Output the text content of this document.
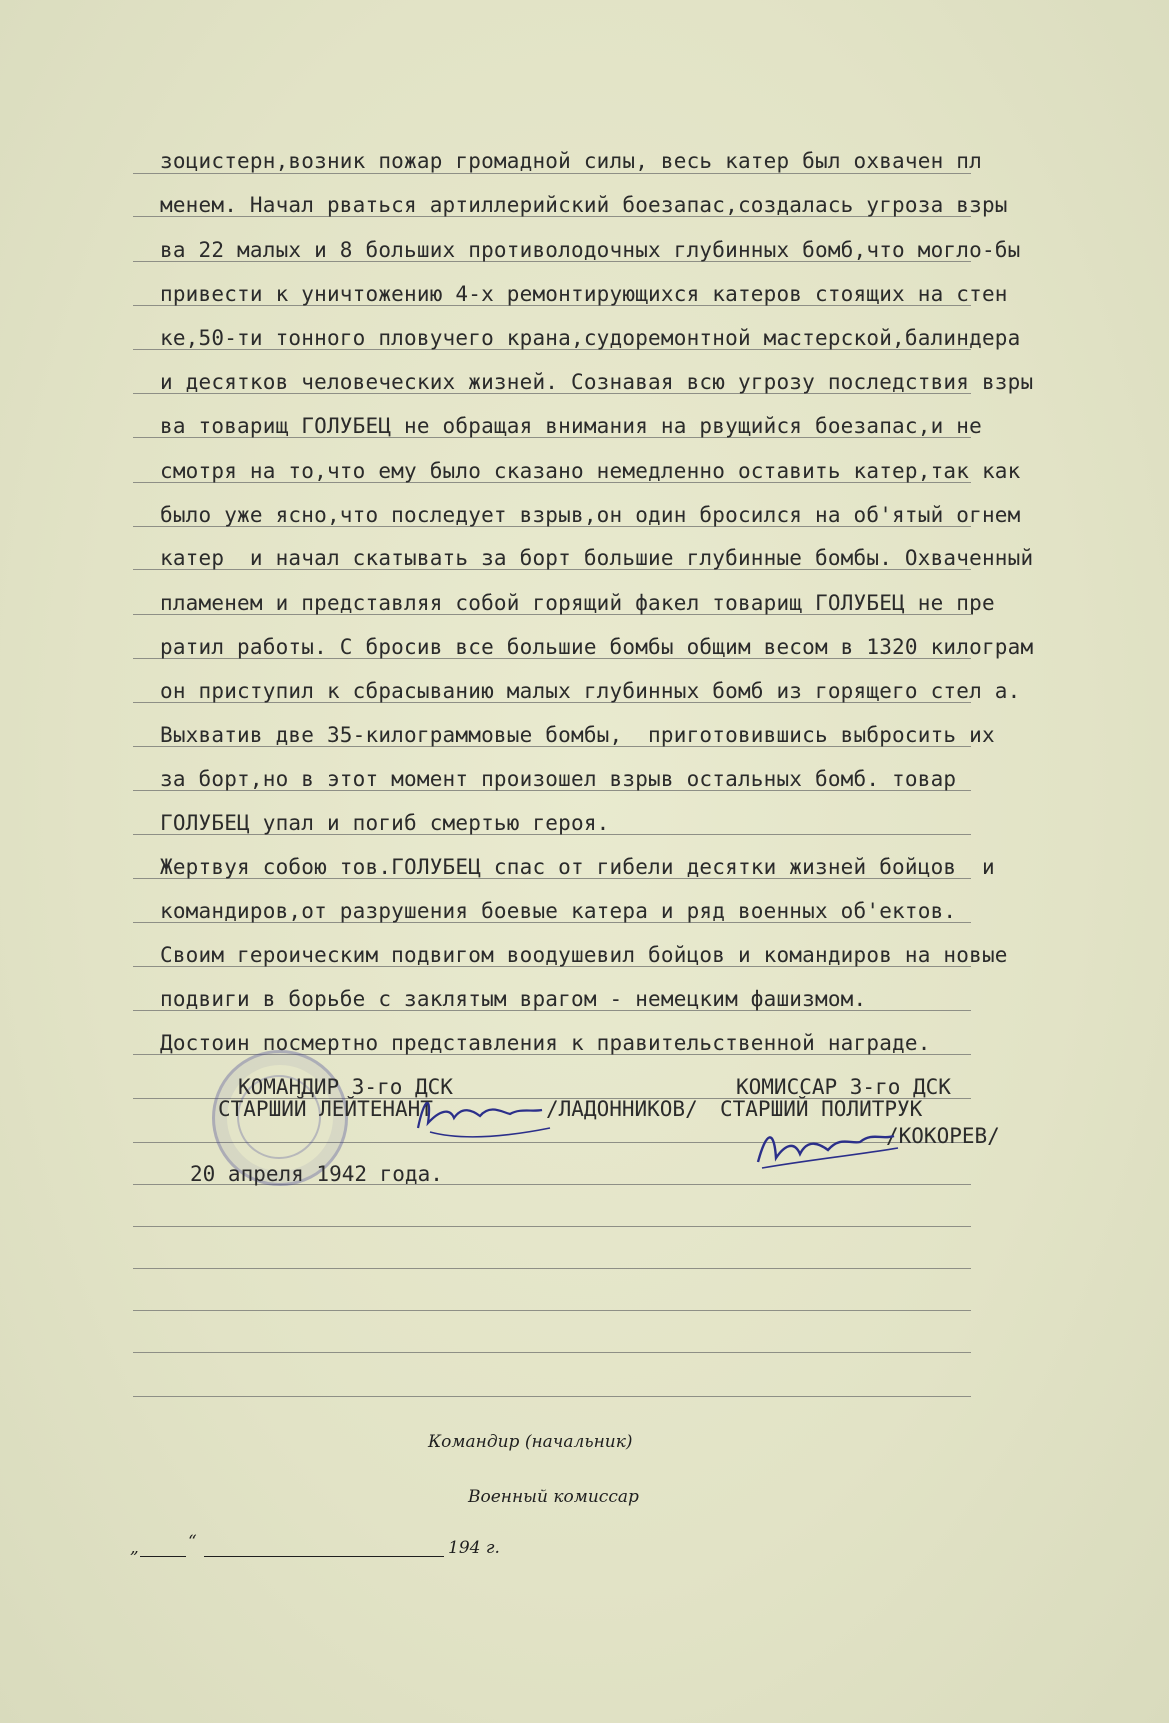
зоцистерн,возник пожар громадной силы, весь катер был охвачен пл
менем. Начал рваться артиллерийский боезапас,создалась угроза взры
ва 22 малых и 8 больших противолодочных глубинных бомб,что могло-бы
привести к уничтожению 4-х ремонтирующихся катеров стоящих на стен
ке,50-ти тонного пловучего крана,судоремонтной мастерской,балиндера
и десятков человеческих жизней. Сознавая всю угрозу последствия взры
ва товарищ ГОЛУБЕЦ не обращая внимания на рвущийся боезапас,и не
смотря на то,что ему было сказано немедленно оставить катер,так как
было уже ясно,что последует взрыв,он один бросился на об'ятый огнем
катер  и начал скатывать за борт большие глубинные бомбы. Охваченный
пламенем и представляя собой горящий факел товарищ ГОЛУБЕЦ не пре
ратил работы. С бросив все большие бомбы общим весом в 1320 килограм
он приступил к сбрасыванию малых глубинных бомб из горящего стел а.
Выхватив две 35-килограммовые бомбы,  приготовившись выбросить их
за борт,но в этот момент произошел взрыв остальных бомб. товар
ГОЛУБЕЦ упал и погиб смертью героя.
Жертвуя собою тов.ГОЛУБЕЦ спас от гибели десятки жизней бойцов  и
командиров,от разрушения боевые катера и ряд военных об'ектов.
Своим героическим подвигом воодушевил бойцов и командиров на новые
подвиги в борьбе с заклятым врагом - немецким фашизмом.
Достоин посмертно представления к правительственной награде.
КОМАНДИР 3-го ДСК
СТАРШИЙ ЛЕЙТЕНАНТ	/ЛАДОННИКОВ/
КОМИССАР 3-го ДСК
СТАРШИЙ ПОЛИТРУК
/КОКОРЕВ/
20 апреля 1942 года.
Командир (начальник)
Военный комиссар
„	“	194 г.
